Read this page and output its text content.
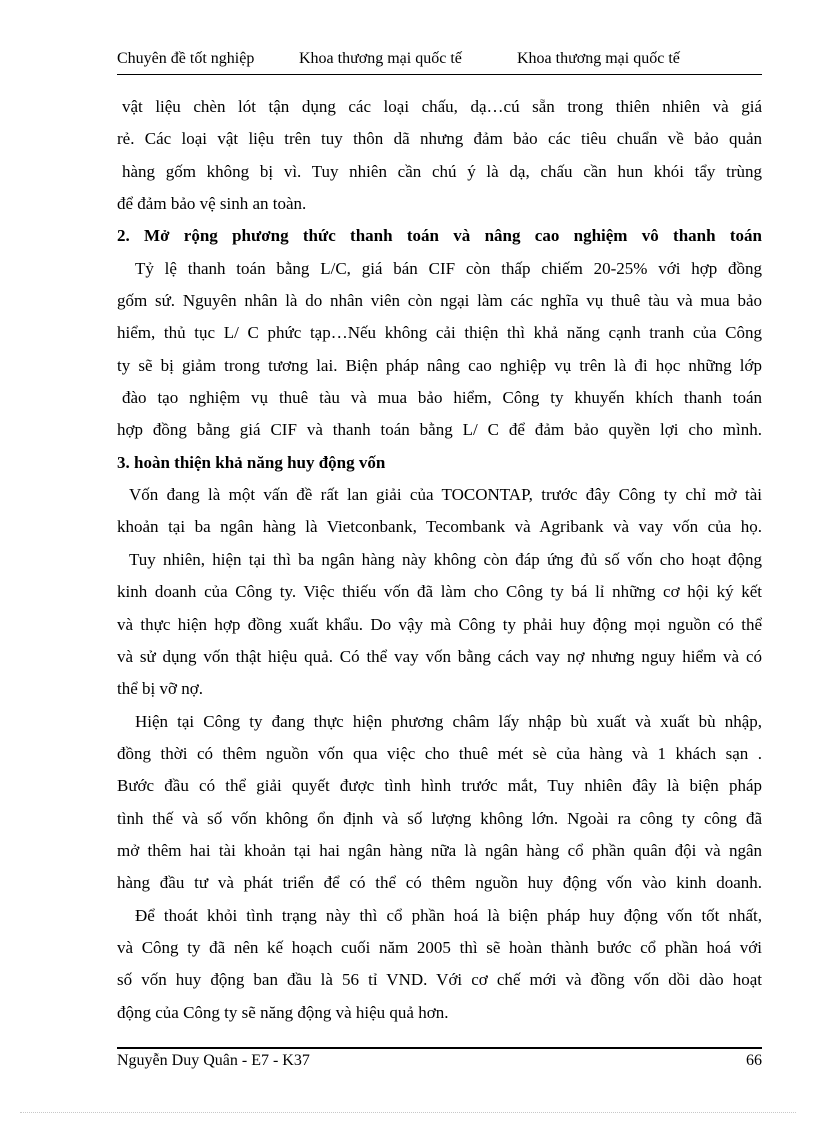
Chuyên đề tốt nghiệp	Khoa thương mại quốc tế	Khoa thương mại quốc tế
vật liệu chèn lót tận dụng các loại chấu, dạ…cú sẵn trong thiên nhiên và giá
rẻ. Các loại vật liệu trên tuy thôn dã nhưng đảm bảo các tiêu chuẩn về bảo quản
hàng gốm không bị vì. Tuy nhiên cần chú ý là dạ, chấu cần hun khói tẩy trùng
để đảm bảo vệ sinh an toàn.
2. Mở rộng phương thức thanh toán và nâng cao nghiệm vô thanh toán
Tỷ lệ thanh toán bằng L/C, giá bán CIF còn thấp chiếm 20-25% với hợp đồng
gốm sứ. Nguyên nhân là do nhân viên còn ngại làm các nghĩa vụ thuê tàu và mua bảo
hiểm, thủ tục L/ C phức tạp…Nếu không cải thiện thì khả năng cạnh tranh của Công
ty sẽ bị giảm trong tương lai. Biện pháp nâng cao nghiệp vụ trên là đi học những lớp
đào tạo nghiệm vụ thuê tàu và mua bảo hiểm, Công ty khuyến khích thanh toán
hợp đồng bằng giá CIF và thanh toán bằng L/ C để đảm bảo quyền lợi cho mình.
3. hoàn thiện khả năng huy động vốn
Vốn đang là một vấn đề rất lan giải của TOCONTAP, trước đây Công ty chỉ mở tài
khoản tại ba ngân hàng là Vietconbank, Tecombank và Agribank và vay vốn của họ.
Tuy nhiên, hiện tại thì ba ngân hàng này không còn đáp ứng đủ số vốn cho hoạt động
kinh doanh của Công ty. Việc thiếu vốn đã làm cho Công ty bá lỉ những cơ hội ký kết
và thực hiện hợp đồng xuất khẩu. Do vậy mà Công ty phải huy động mọi nguồn có thể
và sử dụng vốn thật hiệu quả. Có thể vay vốn bằng cách vay nợ nhưng nguy hiểm và có
thể bị vỡ nợ.
Hiện tại Công ty đang thực hiện phương châm lấy nhập bù xuất và xuất bù nhập,
đồng thời có thêm nguồn vốn qua việc cho thuê mét sè của hàng và 1 khách sạn .
Bước đầu có thể giải quyết được tình hình trước mắt, Tuy nhiên đây là biện pháp
tình thế và số vốn không ổn định và số lượng không lớn. Ngoài ra công ty công đã
mở thêm hai tài khoản tại hai ngân hàng nữa là ngân hàng cổ phần quân đội và ngân
hàng đầu tư và phát triển để có thể có thêm nguồn huy động vốn vào kinh doanh.
Để thoát khỏi tình trạng này thì cổ phần hoá là biện pháp huy động vốn tốt nhất,
và Công ty đã nên kế hoạch cuối năm 2005 thì sẽ hoàn thành bước cổ phần hoá với
số vốn huy động ban đầu là 56 tỉ VND. Với cơ chế mới và đồng vốn dồi dào hoạt
động của Công ty sẽ năng động và hiệu quả hơn.
Nguyễn Duy Quân - E7 - K37	66
